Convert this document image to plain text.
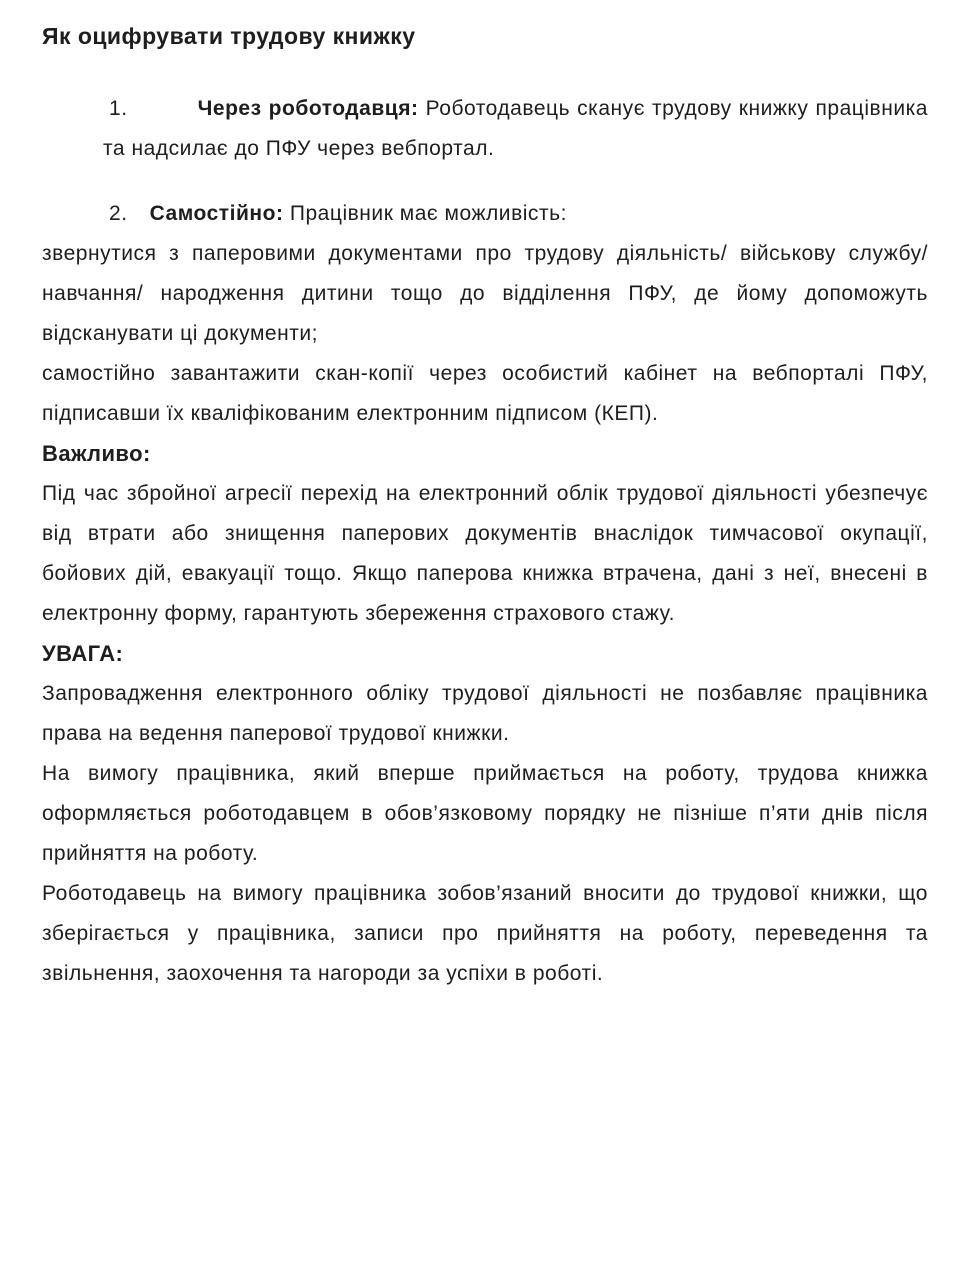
Як оцифрувати трудову книжку
1.	Через роботодавця: Роботодавець сканує трудову книжку працівника та надсилає до ПФУ через вебпортал.
2. Самостійно: Працівник має можливість:

звернутися з паперовими документами про трудову діяльність/ військову службу/ навчання/ народження дитини тощо до відділення ПФУ, де йому допоможуть відсканувати ці документи;

самостійно завантажити скан-копії через особистий кабінет на вебпорталі ПФУ, підписавши їх кваліфікованим електронним підписом (КЕП).

Важливо:

Під час збройної агресії перехід на електронний облік трудової діяльності убезпечує від втрати або знищення паперових документів внаслідок тимчасової окупації, бойових дій, евакуації тощо. Якщо паперова книжка втрачена, дані з неї, внесені в електронну форму, гарантують збереження страхового стажу.

УВАГА:

Запровадження електронного обліку трудової діяльності не позбавляє працівника права на ведення паперової трудової книжки.

На вимогу працівника, який вперше приймається на роботу, трудова книжка оформляється роботодавцем в обов’язковому порядку не пізніше п’яти днів після прийняття на роботу.

Роботодавець на вимогу працівника зобов’язаний вносити до трудової книжки, що зберігається у працівника, записи про прийняття на роботу, переведення та звільнення, заохочення та нагороди за успіхи в роботі.
